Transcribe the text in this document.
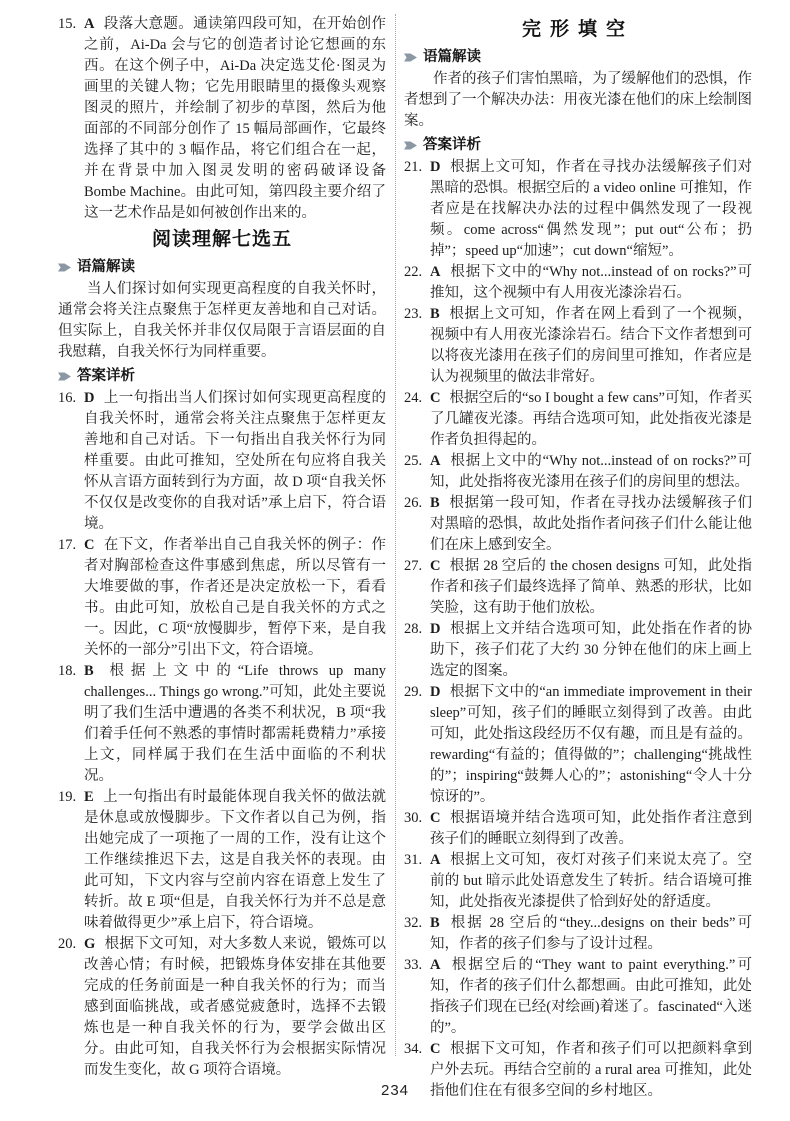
15. A 段落大意题。通读第四段可知，在开始创作之前，Ai-Da 会与它的创造者讨论它想画的东西。在这个例子中，Ai-Da 决定选艾伦·图灵为画里的关键人物；它先用眼睛里的摄像头观察图灵的照片，并绘制了初步的草图，然后为他面部的不同部分创作了 15 幅局部画作，它最终选择了其中的 3 幅作品，将它们组合在一起，并在背景中加入图灵发明的密码破译设备 Bombe Machine。由此可知，第四段主要介绍了这一艺术作品是如何被创作出来的。
阅读理解七选五
语篇解读

当人们探讨如何实现更高程度的自我关怀时，通常会将关注点聚焦于怎样更友善地和自己对话。但实际上，自我关怀并非仅仅局限于言语层面的自我慰藉，自我关怀行为同样重要。

答案详析
16. D 上一句指出当人们探讨如何实现更高程度的自我关怀时，通常会将关注点聚焦于怎样更友善地和自己对话。下一句指出自我关怀行为同样重要。由此可推知，空处所在句应将自我关怀从言语方面转到行为方面，故 D 项“自我关怀不仅仅是改变你的自我对话”承上启下，符合语境。
17. C 在下文，作者举出自己自我关怀的例子：作者对胸部检查这件事感到焦虑，所以尽管有一大堆要做的事，作者还是决定放松一下，看看书。由此可知，放松自己是自我关怀的方式之一。因此，C 项“放慢脚步，暂停下来，是自我关怀的一部分”引出下文，符合语境。
18. B 根据上文中的“Life throws up many challenges... Things go wrong.”可知，此处主要说明了我们生活中遭遇的各类不利状况，B 项“我们着手任何不熟悉的事情时都需耗费精力”承接上文，同样属于我们在生活中面临的不利状况。
19. E 上一句指出有时最能体现自我关怀的做法就是休息或放慢脚步。下文作者以自己为例，指出她完成了一项拖了一周的工作，没有让这个工作继续推迟下去，这是自我关怀的表现。由此可知，下文内容与空前内容在语意上发生了转折。故 E 项“但是，自我关怀行为并不总是意味着做得更少”承上启下，符合语境。
20. G 根据下文可知，对大多数人来说，锻炼可以改善心情；有时候，把锻炼身体安排在其他要完成的任务前面是一种自我关怀的行为；而当感到面临挑战，或者感觉疲惫时，选择不去锻炼也是一种自我关怀的行为，要学会做出区分。由此可知，自我关怀行为会根据实际情况而发生变化，故 G 项符合语境。
完形填空
语篇解读

作者的孩子们害怕黑暗，为了缓解他们的恐惧，作者想到了一个解决办法：用夜光漆在他们的床上绘制图案。

答案详析
21. D 根据上文可知，作者在寻找办法缓解孩子们对黑暗的恐惧。根据空后的 a video online 可推知，作者应是在找解决办法的过程中偶然发现了一段视频。come across“偶然发现”；put out“公布；扔掉”；speed up“加速”；cut down“缩短”。
22. A 根据下文中的“Why not...instead of on rocks?”可推知，这个视频中有人用夜光漆涂岩石。
23. B 根据上文可知，作者在网上看到了一个视频，视频中有人用夜光漆涂岩石。结合下文作者想到可以将夜光漆用在孩子们的房间里可推知，作者应是认为视频里的做法非常好。
24. C 根据空后的“so I bought a few cans”可知，作者买了几罐夜光漆。再结合选项可知，此处指夜光漆是作者负担得起的。
25. A 根据上文中的“Why not...instead of on rocks?”可知，此处指将夜光漆用在孩子们的房间里的想法。
26. B 根据第一段可知，作者在寻找办法缓解孩子们对黑暗的恐惧，故此处指作者问孩子们什么能让他们在床上感到安全。
27. C 根据 28 空后的 the chosen designs 可知，此处指作者和孩子们最终选择了简单、熟悉的形状，比如笑脸，这有助于他们放松。
28. D 根据上文并结合选项可知，此处指在作者的协助下，孩子们花了大约 30 分钟在他们的床上画上选定的图案。
29. D 根据下文中的“an immediate improvement in their sleep”可知，孩子们的睡眠立刻得到了改善。由此可知，此处指这段经历不仅有趣，而且是有益的。rewarding“有益的；值得做的”；challenging“挑战性的”；inspiring“鼓舞人心的”；astonishing“令人十分惊讶的”。
30. C 根据语境并结合选项可知，此处指作者注意到孩子们的睡眠立刻得到了改善。
31. A 根据上文可知，夜灯对孩子们来说太亮了。空前的 but 暗示此处语意发生了转折。结合语境可推知，此处指夜光漆提供了恰到好处的舒适度。
32. B 根据 28 空后的“they...designs on their beds”可知，作者的孩子们参与了设计过程。
33. A 根据空后的“They want to paint everything.”可知，作者的孩子们什么都想画。由此可推知，此处指孩子们现在已经(对绘画)着迷了。fascinated“入迷的”。
34. C 根据下文可知，作者和孩子们可以把颜料拿到户外去玩。再结合空前的 a rural area 可推知，此处指他们住在有很多空间的乡村地区。
234
